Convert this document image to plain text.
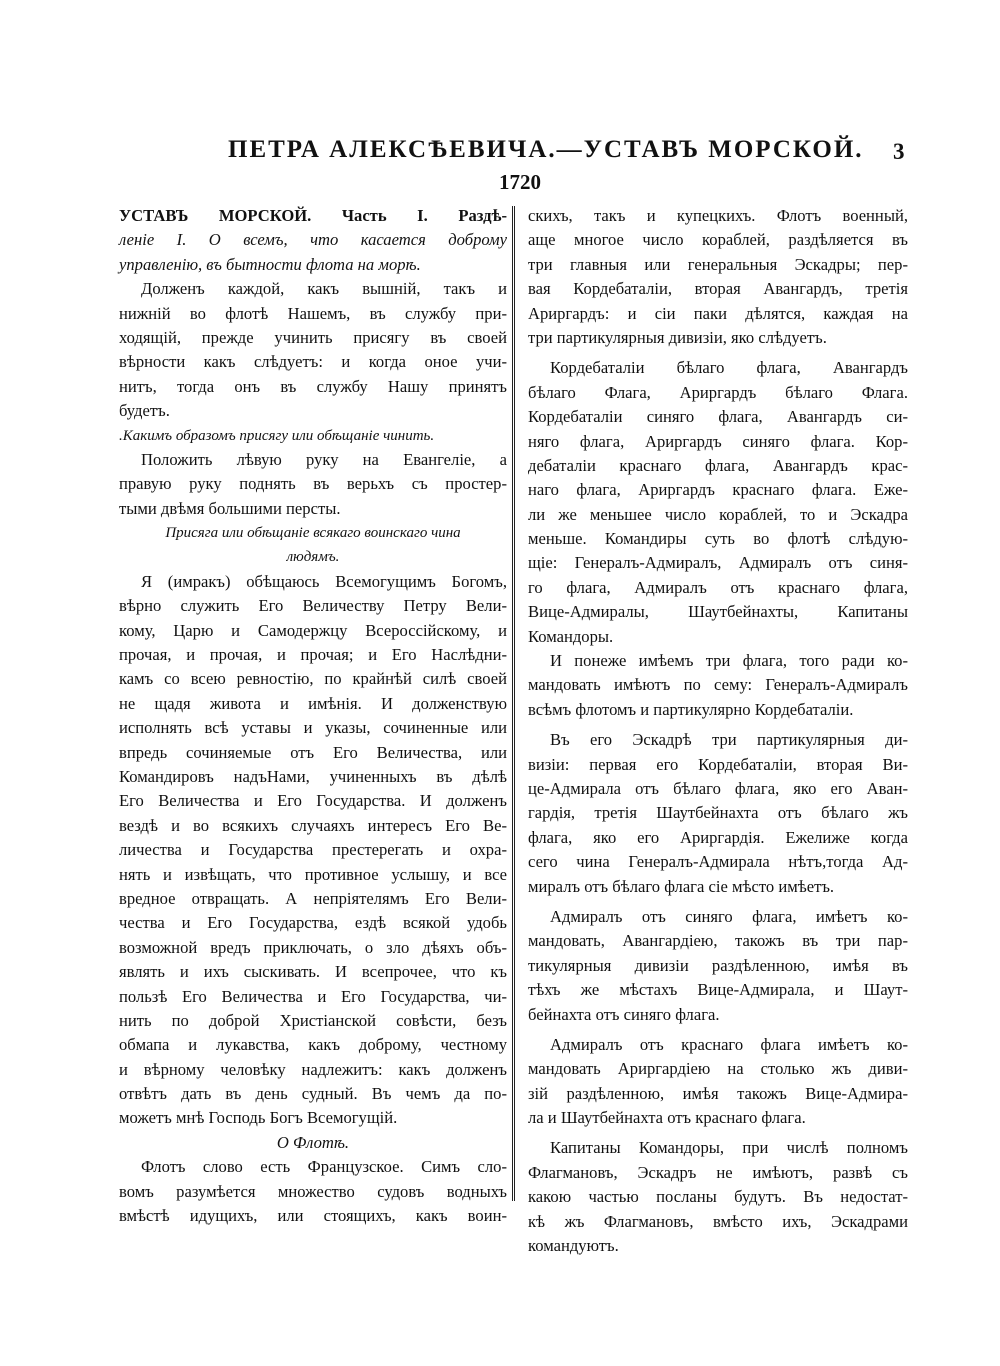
ПЕТРА АЛЕКСѢЕВИЧА.—УСТАВЪ МОРСКОЙ. 3
1720
УСТАВЪ МОРСКОЙ. Часть I. Раздѣ-
ленiе I. О всемъ, что касается доброму
управленiю, въ бытности флота на морѣ.
Долженъ каждой, какъ вышнiй, такъ и
нижнiй во флотѣ Нашемъ, въ службу при-
ходящiй, прежде учинить присягу въ своей
вѣрности какъ слѣдуетъ: и когда оное учи-
нитъ, тогда онъ въ службу Нашу принятъ
будетъ.
.Какимъ образомъ присягу или обѣщанiе чинить.
Положить лѣвую руку на Евангелiе, а
правую руку поднять въ верьхъ съ простер-
тыми двѣмя большими персты.
Присяга или обѣщанiе всякаго воинскаго чина
людямъ.
Я (имракъ) обѣщаюсь Всемогущимъ Богомъ,
вѣрно служить Его Величеству Петру Вели-
кому, Царю и Самодержцу Всероссiйскому, и
прочая, и прочая, и прочая; и Его Наслѣдни-
камъ со всею ревностiю, по крайнѣй силѣ своей
не щадя живота и имѣнiя. И долженствую
исполнять всѣ уставы и указы, сочиненные или
впредь сочиняемые отъ Его Величества, или
Командировъ надъНами, учиненныхъ въ дѣлѣ
Его Величества и Его Государства. И долженъ
вездѣ и во всякихъ случаяхъ интересъ Его Ве-
личества и Государства престерегать и охра-
нять и извѣщать, что противное услышу, и все
вредное отвращать. А непрiятелямъ Его Вели-
чества и Его Государства, ездѣ всякой удобь
возможной вредъ приключать, о зло дѣяхъ объ-
являть и ихъ сыскивать. И всепрочее, что къ
пользѣ Его Величества и Его Государства, чи-
нить по доброй Христiанской совѣсти, безъ
обмапа и лукавства, какъ доброму, честному
и вѣрному человѣку надлежитъ: какъ долженъ
отвѣтъ дать въ день судный. Въ чемъ да по-
можетъ мнѣ Господь Богъ Всемогущiй.
О Флотѣ.
Флотъ слово есть Французское. Симъ сло-
вомъ разумѣется множество судовъ водныхъ
вмѣстѣ идущихъ, или стоящихъ, какъ воин-
скихъ, такъ и купецкихъ. Флотъ военный,
аще многое число кораблей, раздѣляется въ
три главныя или генеральныя Эскадры; пер-
вая Кордебаталiи, вторая Авангардъ, третiя
Ариргардъ: и сiи паки дѣлятся, каждая на
три партикулярныя дивизiи, яко слѣдуетъ.
Кордебаталiи бѣлаго флага, Авангардъ
бѣлаго Флага, Ариргардъ бѣлаго Флага.
Кордебаталiи синяго флага, Авангардъ си-
няго флага, Ариргардъ синяго флага. Кор-
дебаталiи краснаго флага, Авангардъ крас-
наго флага, Ариргардъ краснаго флага. Еже-
ли же меньшее число кораблей, то и Эскадра
меньше. Командиры суть во флотѣ слѣдую-
щiе: Генералъ-Адмиралъ, Адмиралъ отъ синя-
го флага, Адмиралъ отъ краснаго флага,
Вице-Адмиралы, Шаутбейнахты, Капитаны
Командоры.
И понеже имѣемъ три флага, того ради ко-
мандовать имѣютъ по сему: Генералъ-Адмиралъ
всѣмъ флотомъ и партикулярно Кордебаталiи.
Въ его Эскадрѣ три партикулярныя ди-
визiи: первая его Кордебаталiи, вторая Ви-
це-Адмирала отъ бѣлаго флага, яко его Аван-
гардiя, третiя Шаутбейнахта отъ бѣлаго жъ
флага, яко его Ариргардiя. Ежелиже когда
сего чина Генералъ-Адмирала нѣтъ,тогда Ад-
миралъ отъ бѣлаго флага сiе мѣсто имѣетъ.
Адмиралъ отъ синяго флага, имѣетъ ко-
мандовать, Авангардiею, такожъ въ три пар-
тикулярныя дивизiи раздѣленною, имѣя въ
тѣхъ же мѣстахъ Вице-Адмирала, и Шаут-
бейнахта отъ синяго флага.
Адмиралъ отъ краснаго флага имѣетъ ко-
мандовать Ариргардiею на столько жъ диви-
зiй раздѣленною, имѣя такожъ Вице-Адмира-
ла и Шаутбейнахта отъ краснаго флага.
Капитаны Командоры, при числѣ полномъ
Флагмановъ, Эскадръ не имѣютъ, развѣ съ
какою частью посланы будутъ. Въ недостат-
кѣ жъ Флагмановъ, вмѣсто ихъ, Эскадрами
командуютъ.
